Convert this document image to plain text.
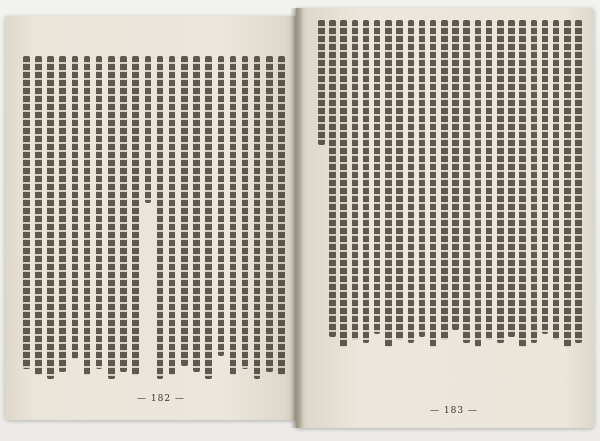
— 182 —
— 183 —
